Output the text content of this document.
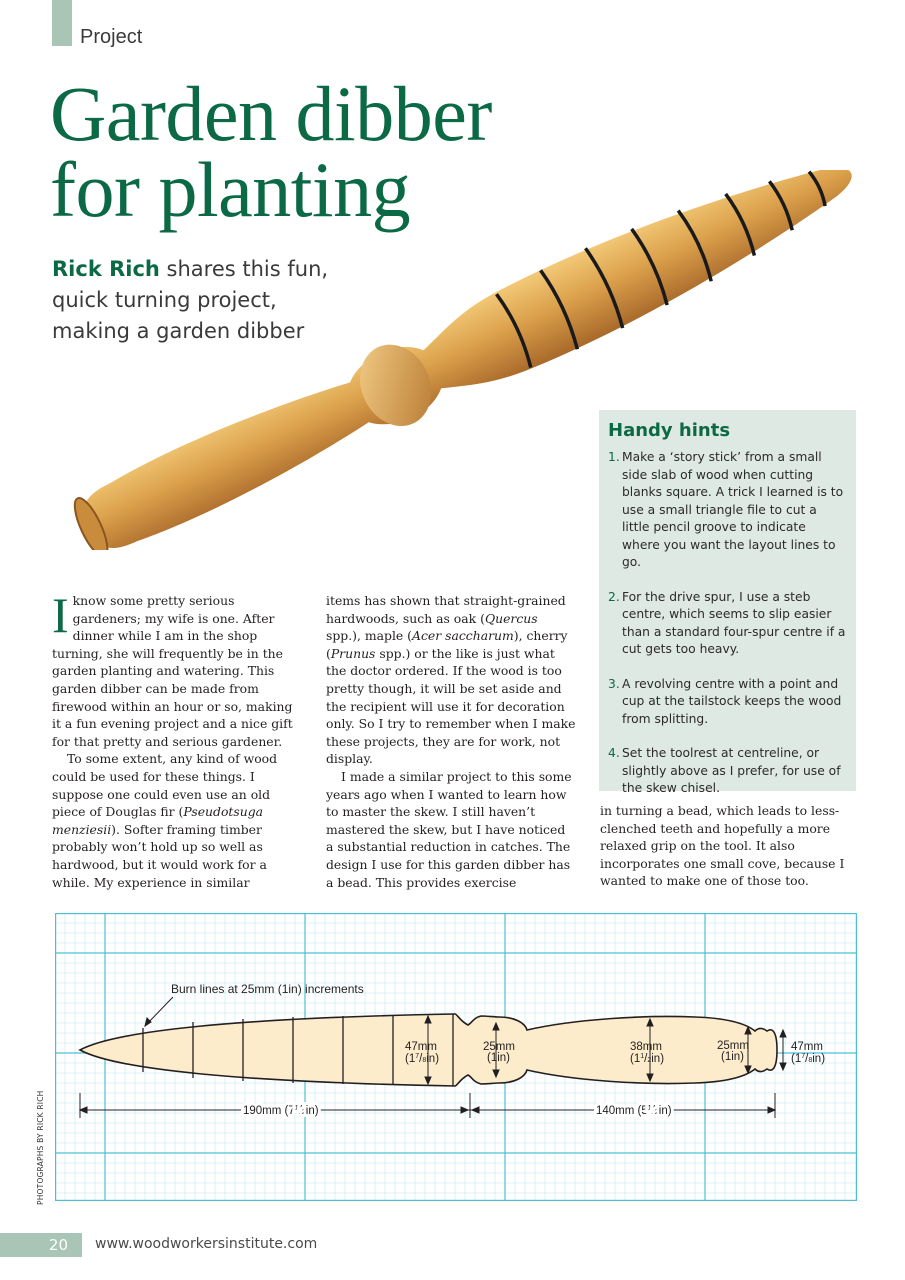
Project
Garden dibber
for planting
Rick Rich shares this fun, quick turning project, making a garden dibber
Handy hints
1. Make a ‘story stick’ from a small side slab of wood when cutting blanks square. A trick I learned is to use a small triangle file to cut a little pencil groove to indicate where you want the layout lines to go.
2. For the drive spur, I use a steb centre, which seems to slip easier than a standard four-spur centre if a cut gets too heavy.
3. A revolving centre with a point and cup at the tailstock keeps the wood from splitting.
4. Set the toolrest at centreline, or slightly above as I prefer, for use of the skew chisel.

Iknow some pretty serious gardeners; my wife is one. After dinner while I am in the shop turning, she will frequently be in the garden planting and watering. This garden dibber can be made from firewood within an hour or so, making it a fun evening project and a nice gift for that pretty and serious gardener.

To some extent, any kind of wood could be used for these things. I suppose one could even use an old piece of Douglas fir (Pseudotsuga menziesii). Softer framing timber probably won’t hold up so well as hardwood, but it would work for a while. My experience in similar

items has shown that straight-grained hardwoods, such as oak (Quercus spp.), maple (Acer saccharum), cherry (Prunus spp.) or the like is just what the doctor ordered. If the wood is too pretty though, it will be set aside and the recipient will use it for decoration only. So I try to remember when I make these projects, they are for work, not display.

I made a similar project to this some years ago when I wanted to learn how to master the skew. I still haven’t mastered the skew, but I have noticed a substantial reduction in catches. The design I use for this garden dibber has a bead. This provides exercise

in turning a bead, which leads to less-clenched teeth and hopefully a more relaxed grip on the tool. It also incorporates one small cove, because I wanted to make one of those too.

Burn lines at 25mm (1in) increments
47mm
$(1^7/8in)$
25mm
(1in)
38mm
$(1^1/2in)$
25mm
(1in)
47mm
$(1^7/8in)$
190mm $(7^1/2in)$	140mm $(5^1/2in)$
PHOTOGRAPHS BY RICK RICH
20	www.woodworkersinstitute.com
